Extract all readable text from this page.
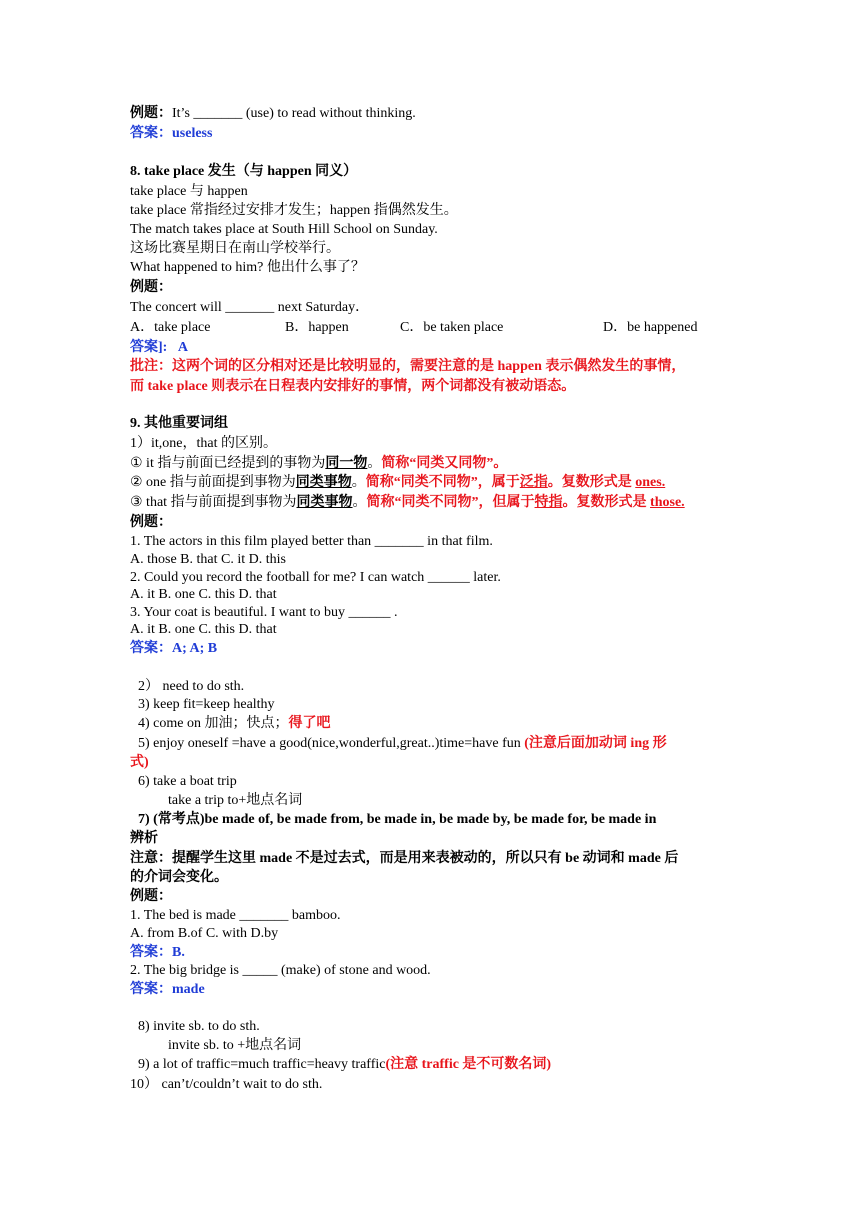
例题：It’s _______ (use) to read without thinking.
答案：useless
8. take place 发生（与 happen 同义）
take place 与 happen
take place 常指经过安排才发生；happen 指偶然发生。
The match takes place at South Hill School on Sunday.
这场比赛星期日在南山学校举行。
What happened to him? 他出什么事了？
例题：
The concert will _______ next Saturday．
A．take place	B．happen	C．be taken place	D．be happened
答案]: A
批注：这两个词的区分相对还是比较明显的，需要注意的是 happen 表示偶然发生的事情，
而 take place 则表示在日程表内安排好的事情，两个词都没有被动语态。
9. 其他重要词组
1）it,one，that 的区别。
① it 指与前面已经提到的事物为同一物。简称“同类又同物”。
② one 指与前面提到事物为同类事物。简称“同类不同物”，属于泛指。复数形式是 ones.
③ that 指与前面提到事物为同类事物。简称“同类不同物”，但属于特指。复数形式是 those.
例题：
1. The actors in this film played better than _______ in that film.
A. those B. that C. it D. this
2. Could you record the football for me? I can watch ______ later.
A. it B. one C. this D. that
3. Your coat is beautiful. I want to buy ______ .
A. it B. one C. this D. that
答案：A; A; B
2） need to do sth.
3) keep fit=keep healthy
4) come on 加油；快点；得了吧
5) enjoy oneself =have a good(nice,wonderful,great..)time=have fun (注意后面加动词 ing 形
式)
6) take a boat trip
take a trip to+地点名词
7) (常考点)be made of, be made from, be made in, be made by, be made for, be made in
辨析
注意：提醒学生这里 made 不是过去式，而是用来表被动的，所以只有 be 动词和 made 后
的介词会变化。
例题：
1. The bed is made _______ bamboo.
A. from B.of C. with D.by
答案：B.
2. The big bridge is _____ (make) of stone and wood.
答案：made
8) invite sb. to do sth.
invite sb. to +地点名词
9) a lot of traffic=much traffic=heavy traffic(注意 traffic 是不可数名词)
10） can’t/couldn’t wait to do sth.
